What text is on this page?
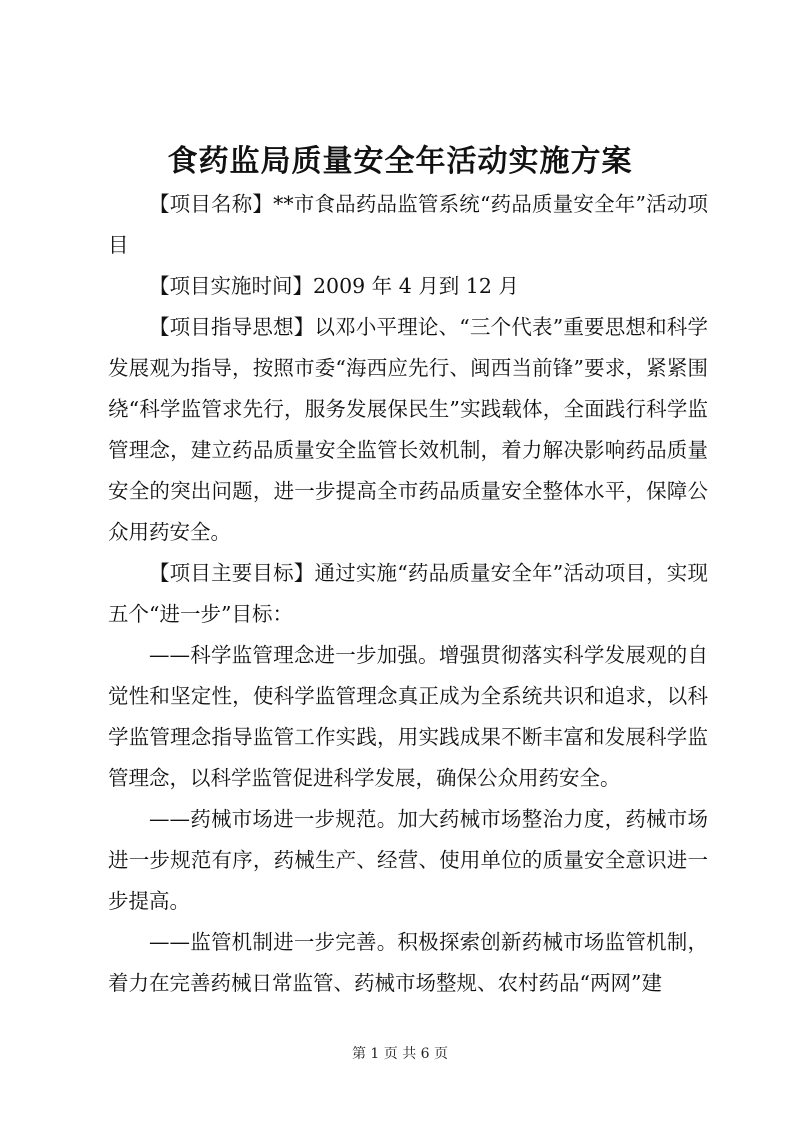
食药监局质量安全年活动实施方案

【项目名称】**市食品药品监管系统“药品质量安全年”活动项目

【项目实施时间】2009 年 4 月到 12 月

【项目指导思想】以邓小平理论、“三个代表”重要思想和科学发展观为指导，按照市委“海西应先行、闽西当前锋”要求，紧紧围绕“科学监管求先行，服务发展保民生”实践载体，全面践行科学监管理念，建立药品质量安全监管长效机制，着力解决影响药品质量安全的突出问题，进一步提高全市药品质量安全整体水平，保障公众用药安全。

【项目主要目标】通过实施“药品质量安全年”活动项目，实现五个“进一步”目标：

——科学监管理念进一步加强。增强贯彻落实科学发展观的自觉性和坚定性，使科学监管理念真正成为全系统共识和追求，以科学监管理念指导监管工作实践，用实践成果不断丰富和发展科学监管理念，以科学监管促进科学发展，确保公众用药安全。

——药械市场进一步规范。加大药械市场整治力度，药械市场进一步规范有序，药械生产、经营、使用单位的质量安全意识进一步提高。

——监管机制进一步完善。积极探索创新药械市场监管机制，着力在完善药械日常监管、药械市场整规、农村药品“两网”建

第 1 页 共 6 页
